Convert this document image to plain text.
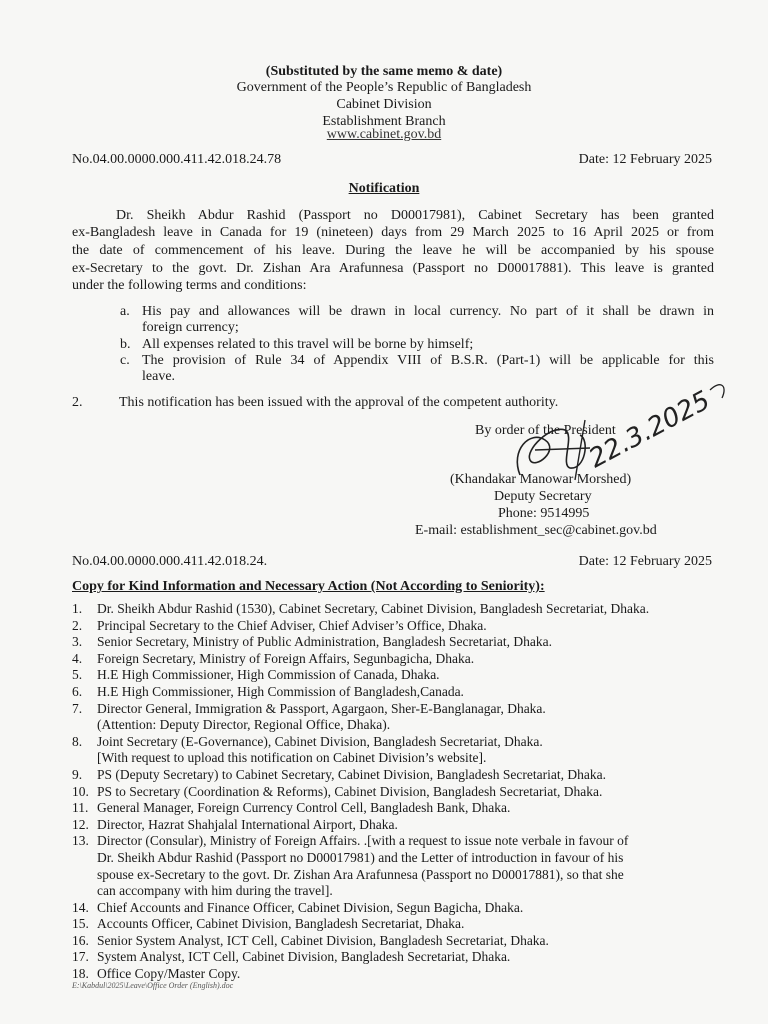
(Substituted by the same memo & date)
Government of the People’s Republic of Bangladesh
Cabinet Division
Establishment Branch
www.cabinet.gov.bd
No.04.00.0000.000.411.42.018.24.78	Date: 12 February 2025
Notification
Dr. Sheikh Abdur Rashid (Passport no D00017981), Cabinet Secretary has been granted
ex-Bangladesh leave in Canada for 19 (nineteen) days from 29 March 2025 to 16 April 2025 or from
the date of commencement of his leave. During the leave he will be accompanied by his spouse
ex-Secretary to the govt. Dr. Zishan Ara Arafunnesa (Passport no D00017881). This leave is granted
under the following terms and conditions:
a. His pay and allowances will be drawn in local currency. No part of it shall be drawn in
foreign currency;
b. All expenses related to this travel will be borne by himself;
c. The provision of Rule 34 of Appendix VIII of B.S.R. (Part-1) will be applicable for this
leave.
2.	This notification has been issued with the approval of the competent authority.
By order of the President
22.3.2025
(Khandakar Manowar Morshed)
Deputy Secretary
Phone: 9514995
E-mail: establishment_sec@cabinet.gov.bd
No.04.00.0000.000.411.42.018.24.	Date: 12 February 2025
Copy for Kind Information and Necessary Action (Not According to Seniority):
1.	Dr. Sheikh Abdur Rashid (1530), Cabinet Secretary, Cabinet Division, Bangladesh Secretariat, Dhaka.
2.	Principal Secretary to the Chief Adviser, Chief Adviser’s Office, Dhaka.
3.	Senior Secretary, Ministry of Public Administration, Bangladesh Secretariat, Dhaka.
4.	Foreign Secretary, Ministry of Foreign Affairs, Segunbagicha, Dhaka.
5.	H.E High Commissioner, High Commission of Canada, Dhaka.
6.	H.E High Commissioner, High Commission of Bangladesh,Canada.
7.	Director General, Immigration & Passport, Agargaon, Sher-E-Banglanagar, Dhaka.
(Attention: Deputy Director, Regional Office, Dhaka).
8.	Joint Secretary (E-Governance), Cabinet Division, Bangladesh Secretariat, Dhaka.
[With request to upload this notification on Cabinet Division’s website].
9.	PS (Deputy Secretary) to Cabinet Secretary, Cabinet Division, Bangladesh Secretariat, Dhaka.
10. PS to Secretary (Coordination & Reforms), Cabinet Division, Bangladesh Secretariat, Dhaka.
11. General Manager, Foreign Currency Control Cell, Bangladesh Bank, Dhaka.
12. Director, Hazrat Shahjalal International Airport, Dhaka.
13. Director (Consular), Ministry of Foreign Affairs. .[with a request to issue note verbale in favour of
Dr. Sheikh Abdur Rashid (Passport no D00017981) and the Letter of introduction in favour of his
spouse ex-Secretary to the govt. Dr. Zishan Ara Arafunnesa (Passport no D00017881), so that she
can accompany with him during the travel].
14. Chief Accounts and Finance Officer, Cabinet Division, Segun Bagicha, Dhaka.
15. Accounts Officer, Cabinet Division, Bangladesh Secretariat, Dhaka.
16. Senior System Analyst, ICT Cell, Cabinet Division, Bangladesh Secretariat, Dhaka.
17. System Analyst, ICT Cell, Cabinet Division, Bangladesh Secretariat, Dhaka.
18. Office Copy/Master Copy.
E:\Kabdul\2025\Leave\Office Order (English).doc
